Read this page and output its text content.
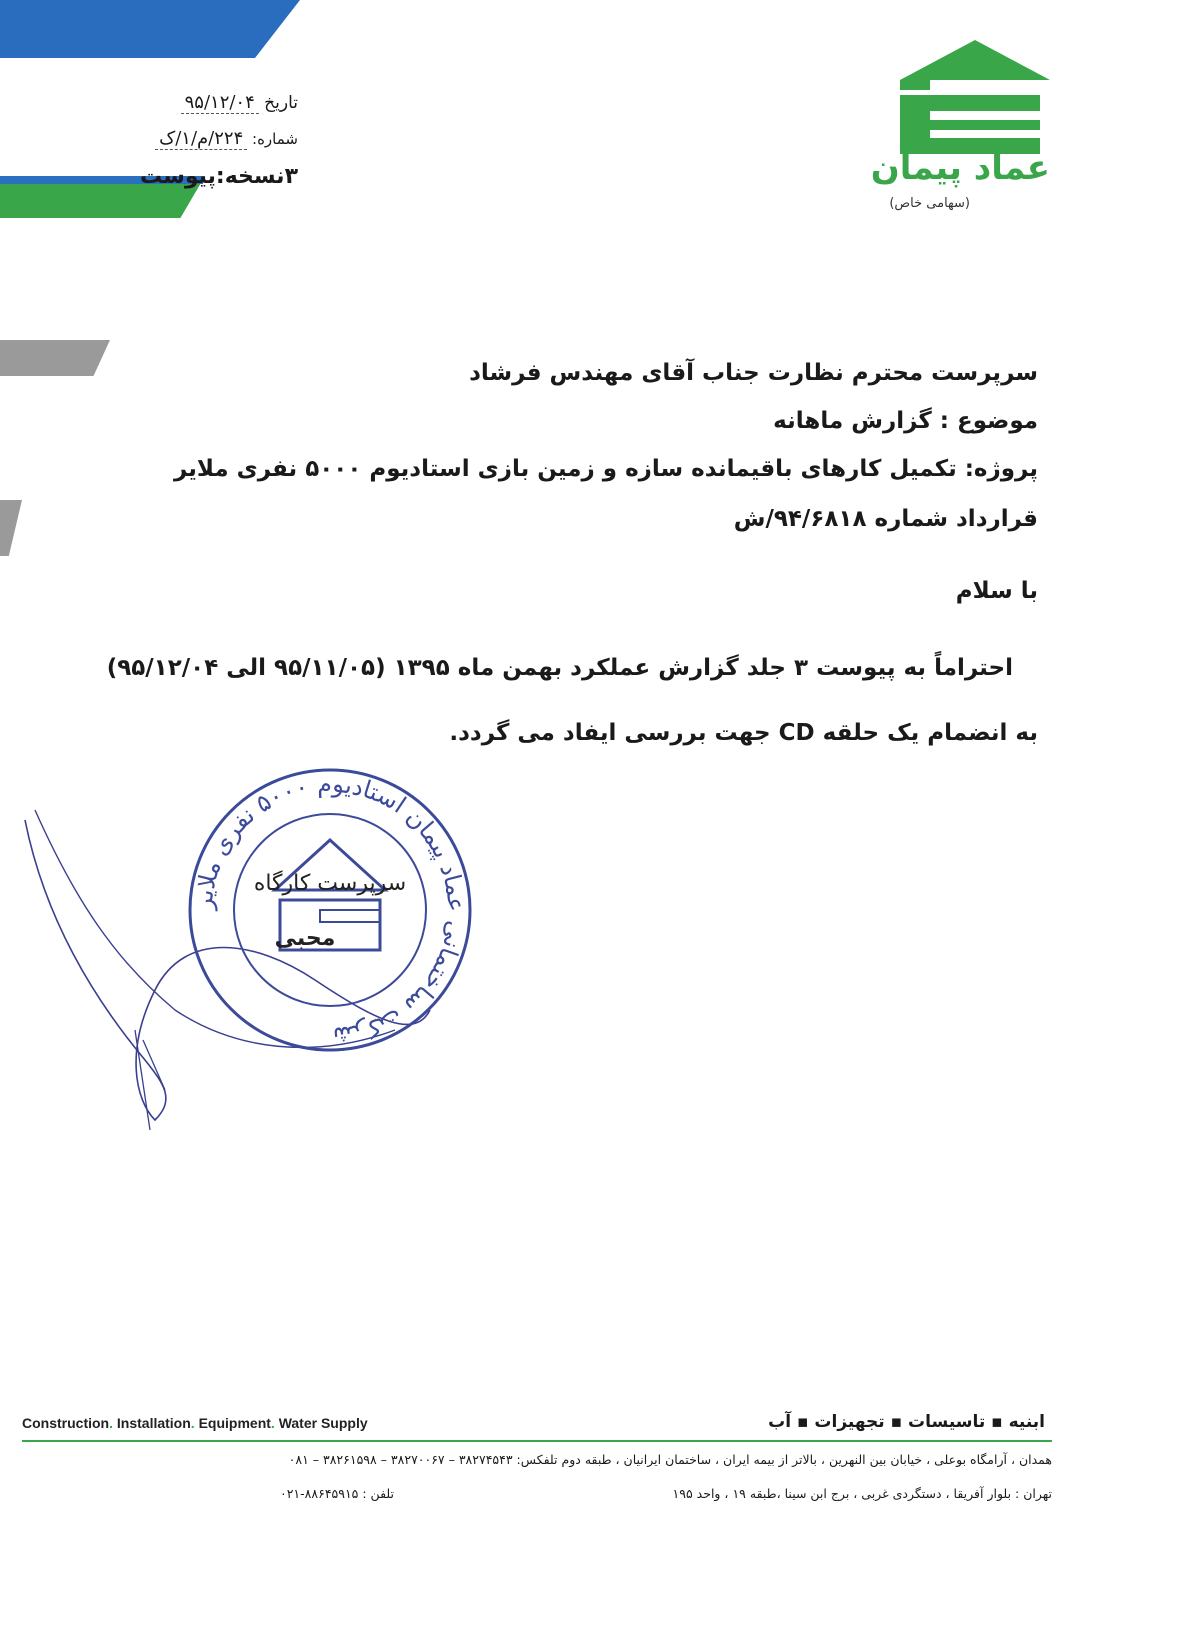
تاریخ ۹۵/۱۲/۰۴
شماره: ۲۲۴/م/۱/ک
۳نسخه:پیوست	عماد پیمان
(سهامی خاص)
سرپرست محترم نظارت جناب آقای مهندس فرشاد
موضوع : گزارش ماهانه
پروژه: تکمیل کارهای باقیمانده سازه و زمین بازی استادیوم ۵۰۰۰ نفری ملایر
قرارداد شماره ۹۴/۶۸۱۸/ش
با سلام
احتراماً به پیوست ۳ جلد گزارش عملکرد بهمن ماه ۱۳۹۵ (۹۵/۱۱/۰۵ الی ۹۵/۱۲/۰۴)
به انضمام یک حلقه CD جهت بررسی ایفاد می گردد.
شرکت ساختمانی عماد پیمان استادیوم ۵۰۰۰ نفری ملایر
سرپرست کارگاه
محبی
Construction. Installation. Equipment. Water Supply	ابنیه ▪ تاسیسات ▪ تجهیزات ▪ آب
همدان ، آرامگاه بوعلی ، خیابان بین النهرین ، بالاتر از بیمه ایران ، ساختمان ایرانیان ، طبقه دوم تلفکس: ۳۸۲۷۴۵۴۳ – ۳۸۲۷۰۰۶۷ – ۳۸۲۶۱۵۹۸ – ۰۸۱
تهران : بلوار آفریقا ، دستگردی غربی ، برج ابن سینا ،طبقه ۱۹ ، واحد ۱۹۵
تلفن : ۸۸۶۴۵۹۱۵-۰۲۱
